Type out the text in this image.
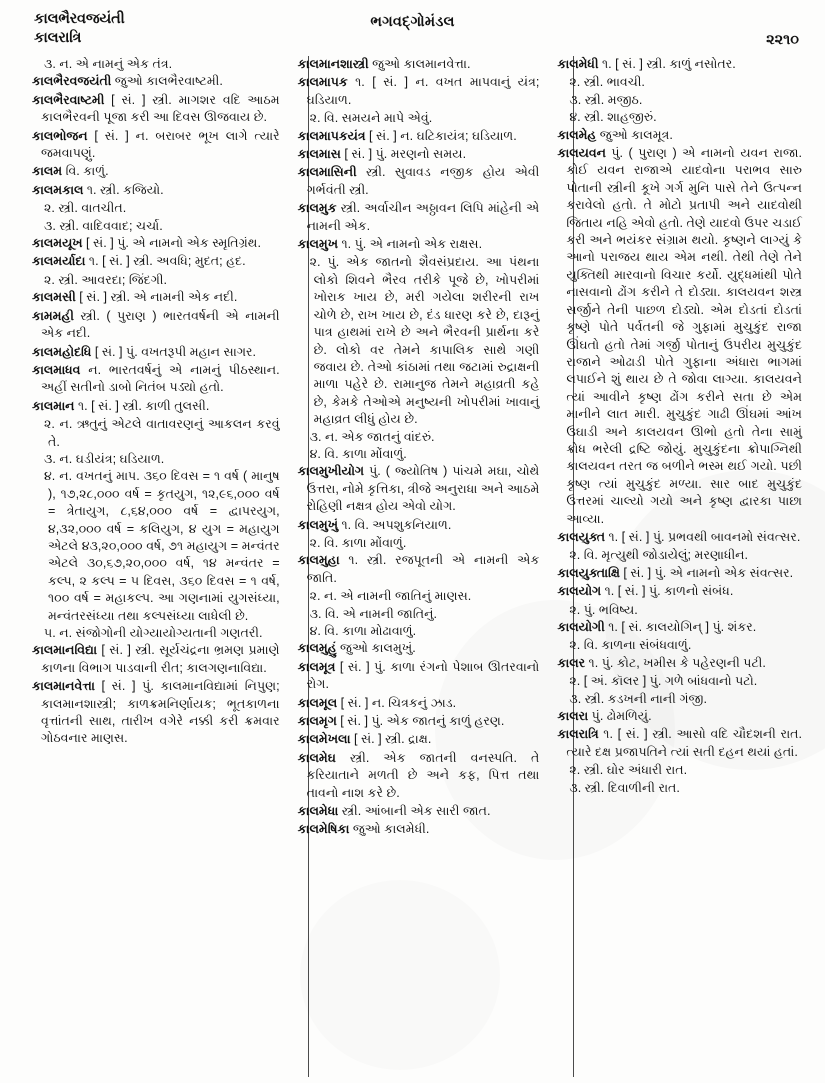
કાલભૈરવજયંતી
કાલરાત્રિ
ભગવદ્ગોમંડલ
૨૨૧૦

૩. ન. એ નામનું એક તંત્ર.

કાલભૈરવજયંતી જુઓ કાલભૈરવાષ્ટમી.

કાલભૈરવાષ્ટમી [ સં. ] સ્ત્રી. માગશર વદિ આઠમ કાલભૈરવની પૂજા કરી આ દિવસ ઊજવાય છે.

કાલભોજન [ સં. ] ન. બરાબર ભૂખ લાગે ત્યારે જમવાપણું.

કાલમ વિ. કાળું.

કાલમકાલ ૧. સ્ત્રી. કજિયો.

૨. સ્ત્રી. વાતચીત.

૩. સ્ત્રી. વાદિવવાદ; ચર્ચા.

કાલમયૂખ [ સં. ] પું. એ નામનો એક સ્મૃતિગ્રંથ.

કાલમર્યાદા ૧. [ સં. ] સ્ત્રી. અવધિ; મુદત; હદ.

૨. સ્ત્રી. આવરદા; જિંદગી.

કાલમસી [ સં. ] સ્ત્રી. એ નામની એક નદી.

કામમહી સ્ત્રી. ( પુરાણ ) ભારતવર્ષની એ નામની એક નદી.

કાલમહોદધિ [ સં. ] પું. વખતરૂપી મહાન સાગર.

કાલમાધવ ન. ભારતવર્ષનું એ નામનું પીઠસ્થાન. અહીં સતીનો ડાબો નિતંબ પડ્યો હતો.

કાલમાન ૧. [ સં. ] સ્ત્રી. કાળી તુલસી.

૨. ન. ઋતુનું એટલે વાતાવરણનું આકલન કરવું તે.

૩. ન. ઘડીયંત્ર; ઘડિયાળ.

૪. ન. વખતનું માપ. ૩૬૦ દિવસ = ૧ વર્ષ ( માનુષ ), ૧૭,૨૮,૦૦૦ વર્ષ = કૃતયુગ, ૧૨,૯૬,૦૦૦ વર્ષ = ત્રેતાયુગ, ૮,૬૪,૦૦૦ વર્ષ = દ્વાપરયુગ, ૪,૩૨,૦૦૦ વર્ષ = કલિયુગ, ૪ યુગ = મહાયુગ એટલે ૪૩,૨૦,૦૦૦ વર્ષ, ૭૧ મહાયુગ = મન્વંતર એટલે ૩૦,૬૭,૨૦,૦૦૦ વર્ષ, ૧૪ મન્વંતર = કલ્પ, ૨ કલ્પ = ૫ દિવસ, ૩૬૦ દિવસ = ૧ વર્ષ, ૧૦૦ વર્ષ = મહાકલ્પ. આ ગણનામાં યુગસંધ્યા, મન્વંતરસંધ્યા તથા કલ્પસંધ્યા લાધેલી છે.

૫. ન. સંજોગોની યોગ્યાયોગ્યતાની ગણતરી.

કાલમાનવિદ્યા [ સં. ] સ્ત્રી. સૂર્યચંદ્રના ભ્રમણ પ્રમાણે કાળના વિભાગ પાડવાની રીત; કાલગણનાવિદ્યા.

કાલમાનવેત્તા [ સં. ] પું. કાલમાનવિદ્યામાં નિપુણ; કાલમાનશાસ્ત્રી; કાળક્રમનિર્ણાયક; ભૂતકાળના વૃત્તાંતની સાથ, તારીખ વગેરે નક્કી કરી ક્રમવાર ગોઠવનાર માણસ.

કાલમાનશાસ્ત્રી જુઓ કાલમાનવેત્તા.

કાલમાપક ૧. [ સં. ] ન. વખત માપવાનું યંત્ર; ઘડિયાળ.

૨. વિ. સમયને માપે એવું.

કાલમાપકયંત્ર [ સં. ] ન. ઘટિકાયંત્ર; ઘડિયાળ.

કાલમાસ [ સં. ] પું. મરણનો સમય.

કાલમાસિની સ્ત્રી. સુવાવડ નજીક હોય એવી ગર્ભવંતી સ્ત્રી.

કાલમુક સ્ત્રી. અર્વાચીન અઠ્ઠાવન લિપિ માંહેની એ નામની એક.

કાલમુખ ૧. પું. એ નામનો એક રાક્ષસ.

૨. પું. એક જાતનો શૈવસંપ્રદાય. આ પંથના લોકો શિવને ભૈરવ તરીકે પૂજે છે, ખોપરીમાં ખોરાક ખાય છે, મરી ગયેલા શરીરની રાખ ચોળે છે, રાખ ખાય છે, દંડ ધારણ કરે છે, દારૂનું પાત્ર હાથમાં રાખે છે અને ભૈરવની પ્રાર્થના કરે છે. લોકો વર તેમને કાપાલિક સાથે ગણી જવાય છે. તેઓ કાંઠામાં તથા જટામાં રુદ્રાક્ષની માળા પહેરે છે. રામાનુજ તેમને મહાવ્રતી કહે છે, કેમકે તેઓએ મનુષ્યની ખોપરીમાં ખાવાનું મહાવ્રત લીધું હોય છે.

૩. ન. એક જાતનું વાંદરું.

૪. વિ. કાળા મોંવાળું.

કાલમુખીયોગ પું. ( જ્યોતિષ ) પાંચમે મઘા, ચોથે ઉત્તરા, નોમે કૃત્તિકા, ત્રીજે અનુરાધા અને આઠમે રોહિણી નક્ષત્ર હોય એવો યોગ.

કાલમુખું ૧. વિ. અપશુકનિયાળ.

૨. વિ. કાળા મોંવાળું.

કાલમુહા ૧. સ્ત્રી. રજપૂતની એ નામની એક જાતિ.

૨. ન. એ નામની જાતિનું માણસ.

૩. વિ. એ નામની જાતિનું.

૪. વિ. કાળા મોઢાવાળું.

કાલમુહું જુઓ કાલમુખું.

કાલમૂત્ર [ સં. ] પું. કાળા રંગનો પેશાબ ઊતરવાનો રોગ.

કાલમૂલ [ સં. ] ન. ચિત્રકનું ઝાડ.

કાલમૃગ [ સં. ] પું. એક જાતનું કાળું હરણ.

કાલમેખલા [ સં. ] સ્ત્રી. દ્રાક્ષ.

કાલમેઘ સ્ત્રી. એક જાતની વનસ્પતિ. તે કરિયાતાને મળતી છે અને કફ, પિત્ત તથા તાવનો નાશ કરે છે.

કાલમેધા સ્ત્રી. આંબાની એક સારી જાત.

કાલમેષિકા જુઓ કાલમેધી.

કાલમેધી ૧. [ સં. ] સ્ત્રી. કાળું નસોતર.

૨. સ્ત્રી. ભાવચી.

૩. સ્ત્રી. મજીઠ.

૪. સ્ત્રી. શાહજીરું.

કાલમેહ જુઓ કાલમૂત્ર.

કાલયવન પું. ( પુરાણ ) એ નામનો યવન રાજા. કોઈ યવન રાજાએ યાદવોના પરાભવ સારુ પોતાની સ્ત્રીની કૂખે ગર્ગ મુનિ પાસે તેને ઉત્પન્ન કરાવેલો હતો. તે મોટો પ્રતાપી અને યાદવોથી જિતાય નહિ એવો હતો. તેણે યાદવો ઉપર ચડાઈ કરી અને ભયંકર સંગ્રામ થયો. કૃષ્ણને લાગ્યું કે આનો પરાજય થાય એમ નથી. તેથી તેણે તેને યુક્તિથી મારવાનો વિચાર કર્યો. યુદ્ધમાંથી પોતે નાસવાનો ઢોંગ કરીને તે દોડ્યા. કાલયવન શસ્ત્ર સર્જીને તેની પાછળ દોડ્યો. એમ દોડતાં દોડતાં કૃષ્ણે પોતે પર્વતની જે ગુફામાં મુચુકુંદ રાજા ઊંઘતો હતો તેમાં ગર્જી પોતાનું ઉપરીય મુચુકુંદ રાજાને ઓઢાડી પોતે ગુફાના અંધારા ભાગમાં લપાઈને શું થાય છે તે જોવા લાગ્યા. કાલયવને ત્યાં આવીને કૃષ્ણ ઢોંગ કરીને સતા છે એમ માનીને લાત મારી. મુચુકુંદ ગાઢી ઊંઘમાં આંખ ઉઘાડી અને કાલયવન ઊભો હતો તેના સામું ક્રોધ ભરેલી દ્રષ્ટિ જોયું. મુચુકુંદના ક્રોપાગ્નિથી કાલયવન તરત જ બળીને ભસ્મ થઈ ગયો. પછી કૃષ્ણ ત્યાં મુચુકુંદ મળ્યા. સાર બાદ મુચુકુંદ ઉત્તરમાં ચાલ્યો ગયો અને કૃષ્ણ દ્વારકા પાછા આવ્યા.

કાલયુક્ત ૧. [ સં. ] પું. પ્રભવથી બાવનમો સંવત્સર.

૨. વિ. મૃત્યુથી જોડાયેલું; મરણાધીન.

કાલયુક્તાક્ષિ [ સં. ] પું. એ નામનો એક સંવત્સર.

કાલયોગ ૧. [ સં. ] પું. કાળનો સંબંધ.

૨. પું. ભવિષ્ય.

કાલયોગી ૧. [ સં. કાલયોગિન્ ] પું. શંકર.

૨. વિ. કાળના સંબંધવાળું.

કાલર ૧. પું. કોટ, ખમીસ કે પહેરણની પટી.

૨. [ અં. કૉલર ] પું. ગળે બાંધવાનો પટો.

૩. સ્ત્રી. કડખની નાની ગંજી.

કાલરા પું. ઢોમળિયું.

કાલરાત્રિ ૧. [ સં. ] સ્ત્રી. આસો વદિ ચૌદશની રાત. ત્યારે દક્ષ પ્રજાપતિને ત્યાં સતી દહન થયાં હતાં.

૨. સ્ત્રી. ઘોર અંધારી રાત.

૩. સ્ત્રી. દિવાળીની રાત.
